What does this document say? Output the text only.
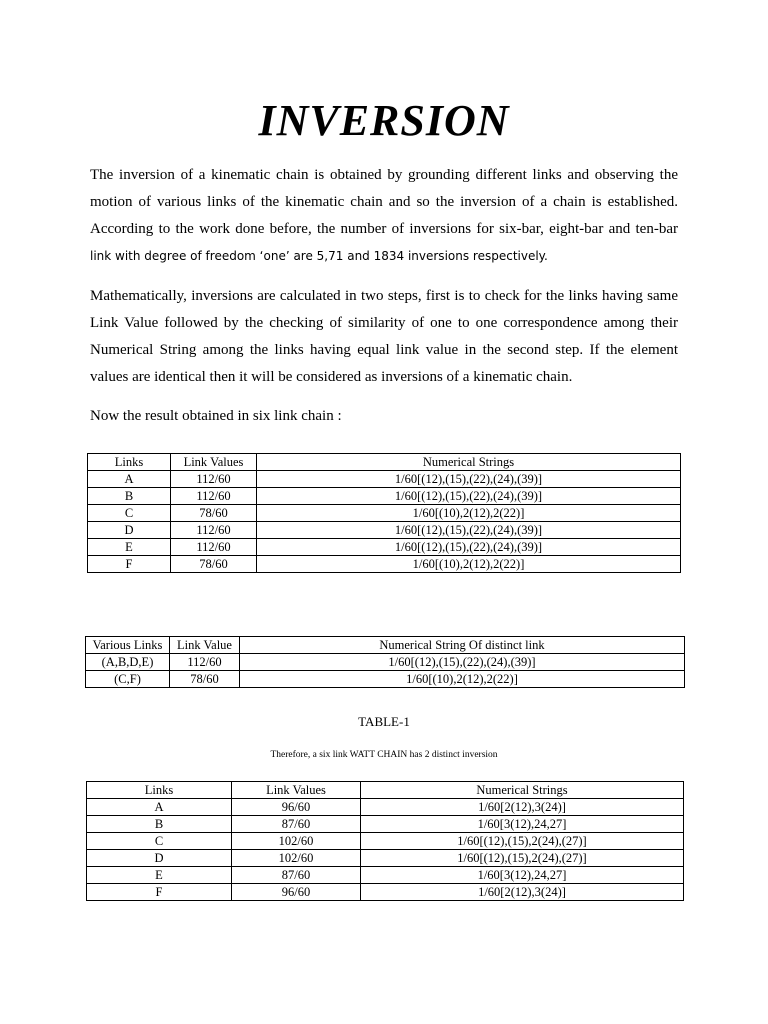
INVERSION
The inversion of a kinematic chain is obtained by grounding different links and observing the motion of various links of the kinematic chain and so the inversion of a chain is established. According to the work done before, the number of inversions for six-bar, eight-bar and ten-bar link with degree of freedom ‘one’ are 5,71 and 1834 inversions respectively.
Mathematically, inversions are calculated in two steps, first is to check for the links having same Link Value followed by the checking of similarity of one to one correspondence among their Numerical String among the links having equal link value in the second step. If the element values are identical then it will be considered as inversions of a kinematic chain.
Now the result obtained in six link chain :
Links	Link Values	Numerical Strings
A	112/60	1/60[(12),(15),(22),(24),(39)]
B	112/60	1/60[(12),(15),(22),(24),(39)]
C	78/60	1/60[(10),2(12),2(22)]
D	112/60	1/60[(12),(15),(22),(24),(39)]
E	112/60	1/60[(12),(15),(22),(24),(39)]
F	78/60	1/60[(10),2(12),2(22)]
Various Links	Link Value	Numerical String Of distinct link
(A,B,D,E)	112/60	1/60[(12),(15),(22),(24),(39)]
(C,F)	78/60	1/60[(10),2(12),2(22)]
TABLE-1
Therefore, a six link WATT CHAIN has 2 distinct inversion
Links	Link Values	Numerical Strings
A	96/60	1/60[2(12),3(24)]
B	87/60	1/60[3(12),24,27]
C	102/60	1/60[(12),(15),2(24),(27)]
D	102/60	1/60[(12),(15),2(24),(27)]
E	87/60	1/60[3(12),24,27]
F	96/60	1/60[2(12),3(24)]
